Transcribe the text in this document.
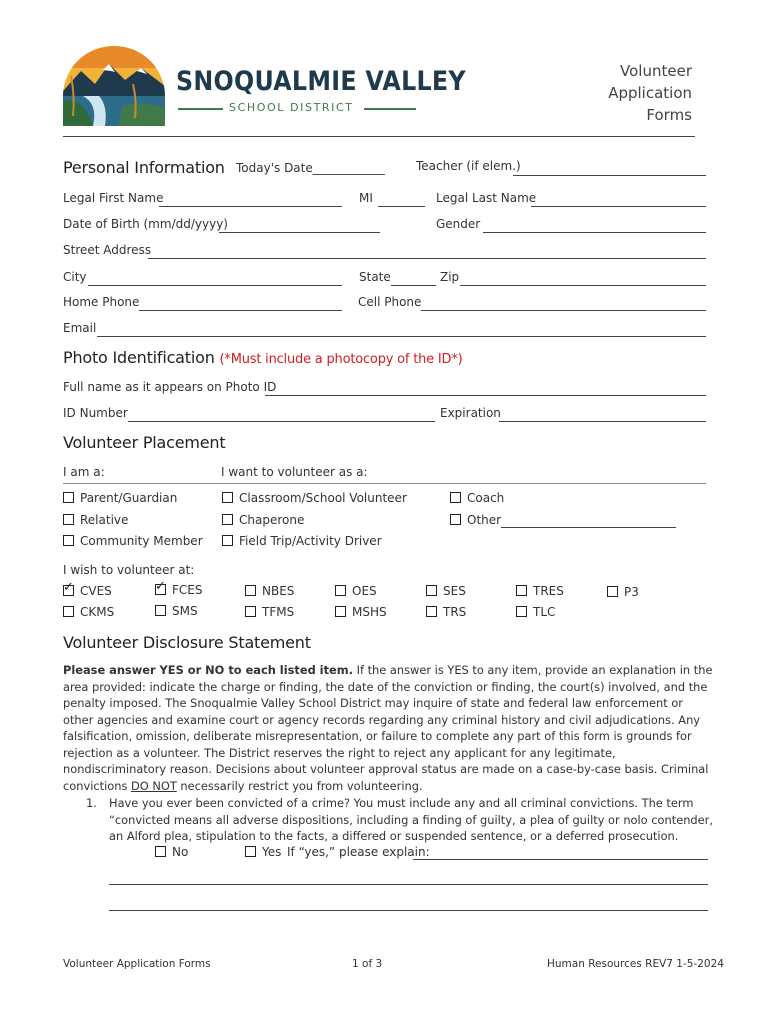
SNOQUALMIE VALLEY
SCHOOL DISTRICT
Volunteer
Application
Forms
Personal Information Today's Date____________	Teacher (if elem.)
Legal First Name	MI	Legal Last Name
Date of Birth (mm/dd/yyyy)	Gender
Street Address
City	State	Zip
Home Phone	Cell Phone
Email
Photo Identification (*Must include a photocopy of the ID*)
Full name as it appears on Photo ID
ID Number	Expiration
Volunteer Placement
I am a:	I want to volunteer as a:
Parent/Guardian
Relative
Community Member
Classroom/School Volunteer
Chaperone
Field Trip/Activity Driver
Coach
Other
I wish to volunteer at:
✓CVES
✓	FCES	NBES	OES	SES	TRES	P3
CKMS	SMS	TFMS	MSHS	TRS	TLC
Volunteer Disclosure Statement
Please answer YES or NO to each listed item. If the answer is YES to any item, provide an explanation in the area provided: indicate the charge or finding, the date of the conviction or finding, the court(s) involved, and the penalty imposed. The Snoqualmie Valley School District may inquire of state and federal law enforcement or other agencies and examine court or agency records regarding any criminal history and civil adjudications. Any falsification, omission, deliberate misrepresentation, or failure to complete any part of this form is grounds for rejection as a volunteer. The District reserves the right to reject any applicant for any legitimate, nondiscriminatory reason. Decisions about volunteer approval status are made on a case-by-case basis. Criminal convictions DO NOT necessarily restrict you from volunteering.
1. Have you ever been convicted of a crime? You must include any and all criminal convictions. The term “convicted means all adverse dispositions, including a finding of guilty, a plea of guilty or nolo contender, an Alford plea, stipulation to the facts, a differed or suspended sentence, or a deferred prosecution.
No	Yes If “yes,” please explain:
Volunteer Application Forms	1 of 3	Human Resources REV7 1-5-2024
